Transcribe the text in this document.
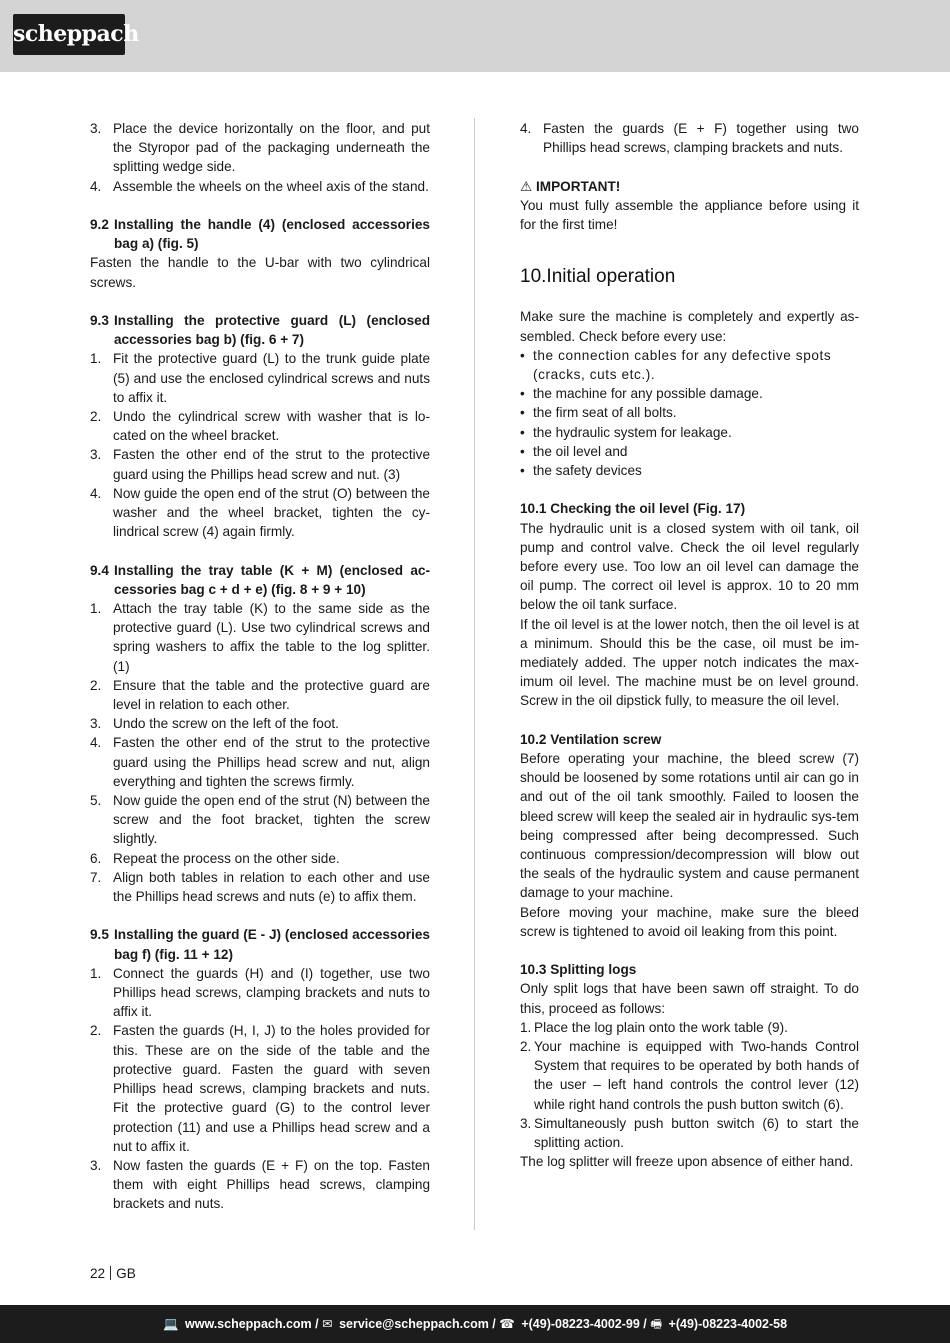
scheppach
3. Place the device horizontally on the floor, and put the Styropor pad of the packaging underneath the splitting wedge side.
4. Assemble the wheels on the wheel axis of the stand.
9.2 Installing the handle (4) (enclosed accessories bag a) (fig. 5)

Fasten the handle to the U-bar with two cylindrical screws.

9.3 Installing the protective guard (L) (enclosed accessories bag b) (fig. 6 + 7)
1. Fit the protective guard (L) to the trunk guide plate (5) and use the enclosed cylindrical screws and nuts to affix it.
2. Undo the cylindrical screw with washer that is lo-cated on the wheel bracket.
3. Fasten the other end of the strut to the protective guard using the Phillips head screw and nut. (3)
4. Now guide the open end of the strut (O) between the washer and the wheel bracket, tighten the cy-lindrical screw (4) again firmly.
9.4 Installing the tray table (K + M) (enclosed ac-cessories bag c + d + e) (fig. 8 + 9 + 10)
1. Attach the tray table (K) to the same side as the protective guard (L). Use two cylindrical screws and spring washers to affix the table to the log splitter. (1)
2. Ensure that the table and the protective guard are level in relation to each other.
3. Undo the screw on the left of the foot.
4. Fasten the other end of the strut to the protective guard using the Phillips head screw and nut, align everything and tighten the screws firmly.
5. Now guide the open end of the strut (N) between the screw and the foot bracket, tighten the screw slightly.
6. Repeat the process on the other side.
7. Align both tables in relation to each other and use the Phillips head screws and nuts (e) to affix them.
9.5 Installing the guard (E - J) (enclosed accessories bag f) (fig. 11 + 12)
1. Connect the guards (H) and (I) together, use two Phillips head screws, clamping brackets and nuts to affix it.
2. Fasten the guards (H, I, J) to the holes provided for this. These are on the side of the table and the protective guard. Fasten the guard with seven Phillips head screws, clamping brackets and nuts. Fit the protective guard (G) to the control lever protection (11) and use a Phillips head screw and a nut to affix it.
3. Now fasten the guards (E + F) on the top. Fasten them with eight Phillips head screws, clamping brackets and nuts.
4. Fasten the guards (E + F) together using two Phillips head screws, clamping brackets and nuts.
⚠ IMPORTANT!

You must fully assemble the appliance before using it for the first time!

10. Initial operation

Make sure the machine is completely and expertly as-sembled. Check before every use:

• the connection cables for any defective spots (cracks, cuts etc.).
• the machine for any possible damage.
• the firm seat of all bolts.
• the hydraulic system for leakage.
• the oil level and
• the safety devices
10.1 Checking the oil level (Fig. 17)

The hydraulic unit is a closed system with oil tank, oil pump and control valve. Check the oil level regularly before every use. Too low an oil level can damage the oil pump. The correct oil level is approx. 10 to 20 mm below the oil tank surface.

If the oil level is at the lower notch, then the oil level is at a minimum. Should this be the case, oil must be im-mediately added. The upper notch indicates the max-imum oil level. The machine must be on level ground. Screw in the oil dipstick fully, to measure the oil level.

10.2 Ventilation screw

Before operating your machine, the bleed screw (7) should be loosened by some rotations until air can go in and out of the oil tank smoothly. Failed to loosen the bleed screw will keep the sealed air in hydraulic sys-tem being compressed after being decompressed. Such continuous compression/decompression will blow out the seals of the hydraulic system and cause permanent damage to your machine.

Before moving your machine, make sure the bleed screw is tightened to avoid oil leaking from this point.

10.3 Splitting logs

Only split logs that have been sawn off straight. To do this, proceed as follows:

1. Place the log plain onto the work table (9).
2. Your machine is equipped with Two-hands Control System that requires to be operated by both hands of the user – left hand controls the control lever (12) while right hand controls the push button switch (6).
3. Simultaneously push button switch (6) to start the splitting action.

The log splitter will freeze upon absence of either hand.

22 GB
💻 www.scheppach.com / ✉ service@scheppach.com / ☎ +(49)-08223-4002-99 / 🖷 +(49)-08223-4002-58
